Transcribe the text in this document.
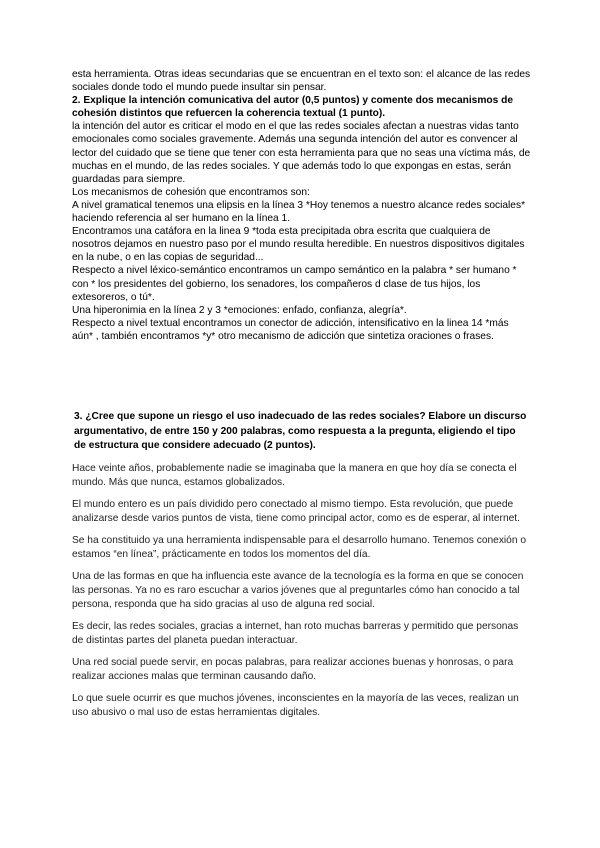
esta herramienta. Otras ideas secundarias que se encuentran en el texto son: el alcance de las redes sociales donde todo el mundo puede insultar sin pensar.

2. Explique la intención comunicativa del autor (0,5 puntos) y comente dos mecanismos de cohesión distintos que refuercen la coherencia textual (1 punto).

la intención del autor es criticar el modo en el que las redes sociales afectan a nuestras vidas tanto emocionales como sociales gravemente. Además una segunda intención del autor es convencer al lector del cuidado que se tiene que tener con esta herramienta para que no seas una víctima más, de muchas en el mundo, de las redes sociales. Y que además todo lo que expongas en estas, serán guardadas para siempre.

Los mecanismos de cohesión que encontramos son:

A nivel gramatical tenemos una elipsis en la línea 3 *Hoy tenemos a nuestro alcance redes sociales* haciendo referencia al ser humano en la línea 1.

Encontramos una catáfora en la linea 9 *toda esta precipitada obra escrita que cualquiera de nosotros dejamos en nuestro paso por el mundo resulta heredible. En nuestros dispositivos digitales en la nube, o en las copias de seguridad...

Respecto a nivel léxico-semántico encontramos un campo semántico en la palabra * ser humano * con * los presidentes del gobierno, los senadores, los compañeros d clase de tus hijos, los extesoreros, o tú*.

Una hiperonimia en la línea 2 y 3 *emociones: enfado, confianza, alegría*.

Respecto a nivel textual encontramos un conector de adicción, intensificativo en la linea 14 *más aún* , también encontramos *y* otro mecanismo de adicción que sintetiza oraciones o frases.

3. ¿Cree que supone un riesgo el uso inadecuado de las redes sociales? Elabore un discurso argumentativo, de entre 150 y 200 palabras, como respuesta a la pregunta, eligiendo el tipo de estructura que considere adecuado (2 puntos).

Hace veinte años, probablemente nadie se imaginaba que la manera en que hoy día se conecta el mundo. Más que nunca, estamos globalizados.

El mundo entero es un país dividido pero conectado al mismo tiempo. Esta revolución, que puede analizarse desde varios puntos de vista, tiene como principal actor, como es de esperar, al internet.

Se ha constituido ya una herramienta indispensable para el desarrollo humano. Tenemos conexión o estamos “en línea”, prácticamente en todos los momentos del día.

Una de las formas en que ha influencia este avance de la tecnología es la forma en que se conocen las personas. Ya no es raro escuchar a varios jóvenes que al preguntarles cómo han conocido a tal persona, responda que ha sido gracias al uso de alguna red social.

Es decir, las redes sociales, gracias a internet, han roto muchas barreras y permitido que personas de distintas partes del planeta puedan interactuar.

Una red social puede servir, en pocas palabras, para realizar acciones buenas y honrosas, o para realizar acciones malas que terminan causando daño.

Lo que suele ocurrir es que muchos jóvenes, inconscientes en la mayoría de las veces, realizan un uso abusivo o mal uso de estas herramientas digitales.
